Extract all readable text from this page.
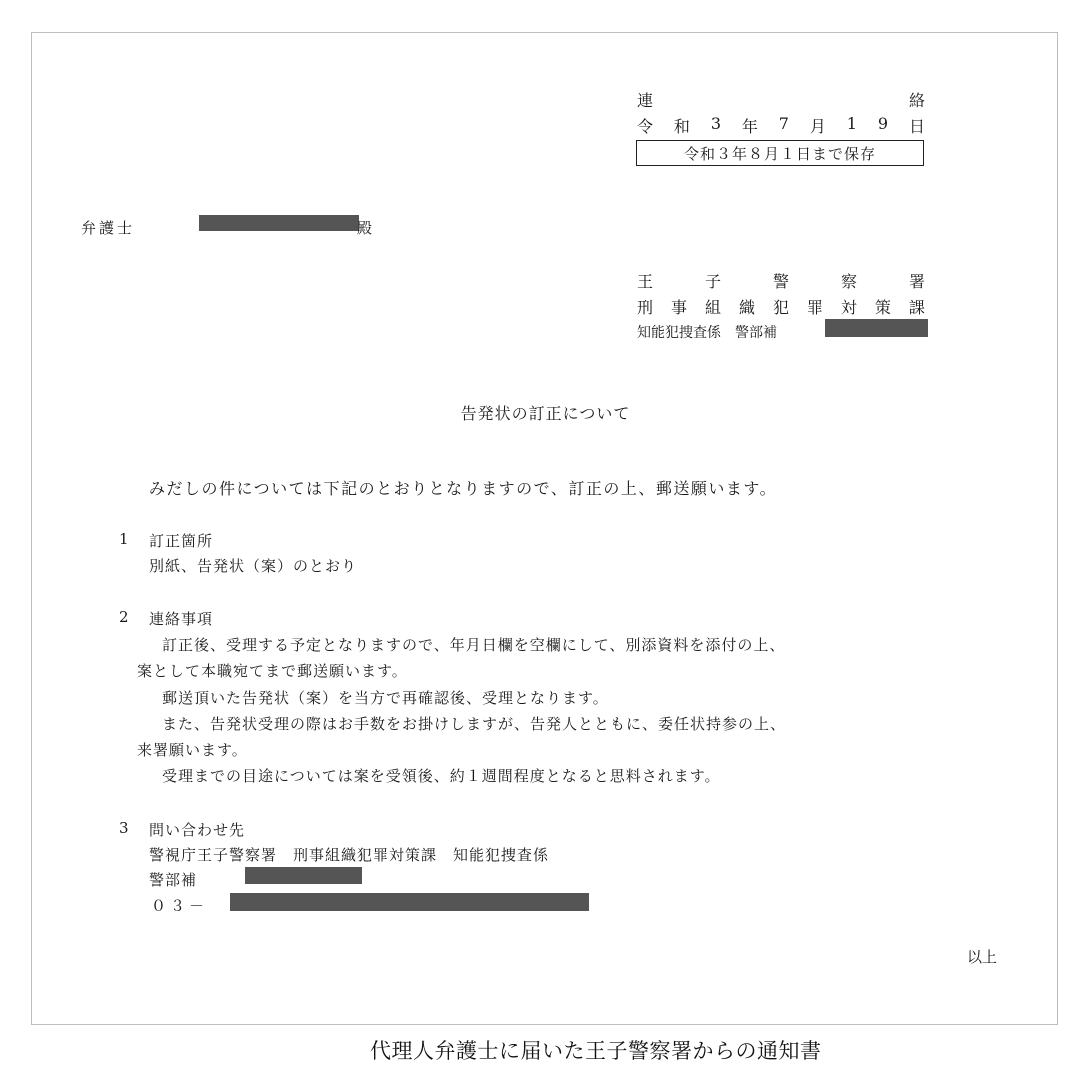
連	絡
令 和 3 年 7 月 1 9 日
令和３年８月１日まで保存
弁護士	殿
王	子	警	察	署
刑 事 組 織 犯 罪 対 策 課
知能犯捜査係　警部補
告発状の訂正について
みだしの件については下記のとおりとなりますので、訂正の上、郵送願います。
1 訂正箇所
別紙、告発状（案）のとおり
2 連絡事項
訂正後、受理する予定となりますので、年月日欄を空欄にして、別添資料を添付の上、
案として本職宛てまで郵送願います。
郵送頂いた告発状（案）を当方で再確認後、受理となります。
また、告発状受理の際はお手数をお掛けしますが、告発人とともに、委任状持参の上、
来署願います。
受理までの目途については案を受領後、約１週間程度となると思料されます。
3 問い合わせ先
警視庁王子警察署　刑事組織犯罪対策課　知能犯捜査係
警部補
０３－
以上
代理人弁護士に届いた王子警察署からの通知書
